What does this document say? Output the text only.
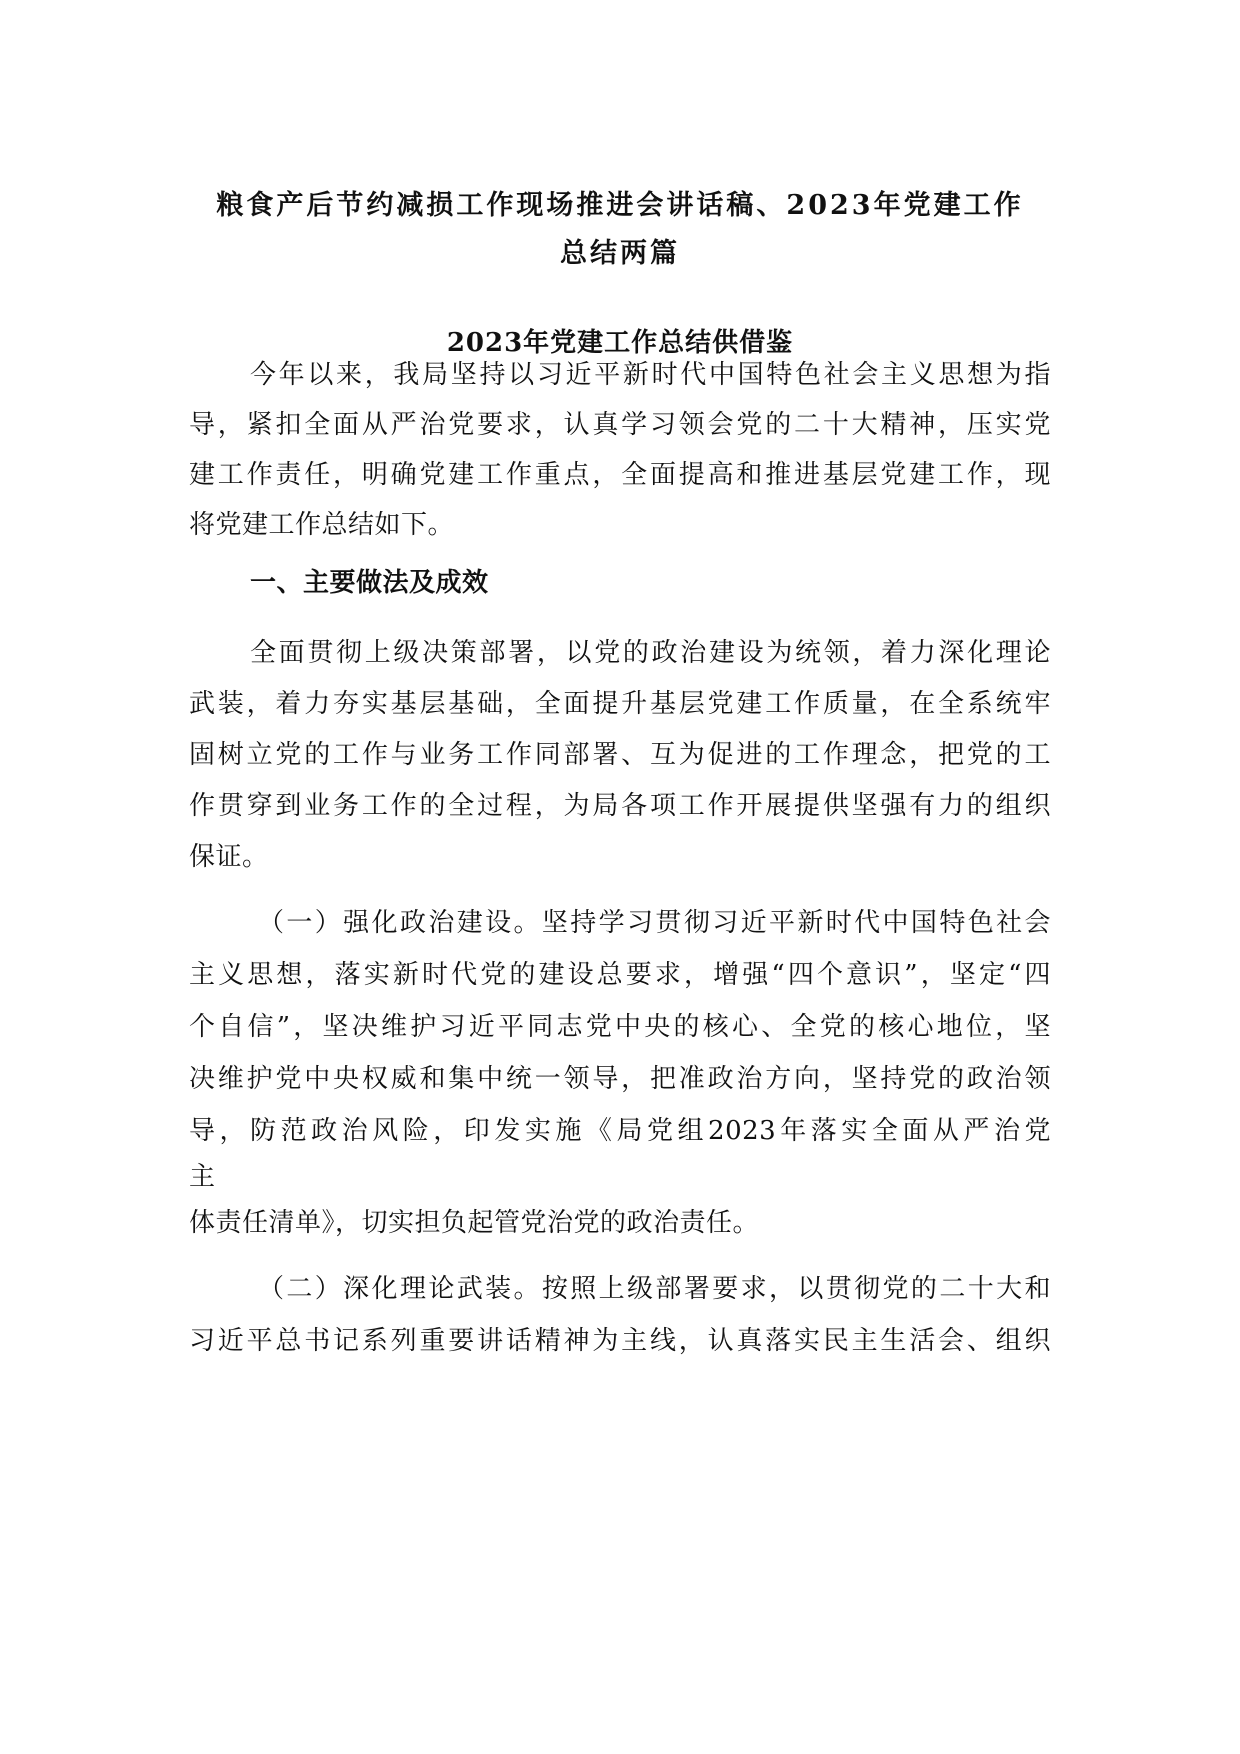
粮食产后节约减损工作现场推进会讲话稿、2023年党建工作
总结两篇
2023年党建工作总结供借鉴
今年以来，我局坚持以习近平新时代中国特色社会主义思想为指
导，紧扣全面从严治党要求，认真学习领会党的二十大精神，压实党
建工作责任，明确党建工作重点，全面提高和推进基层党建工作，现
将党建工作总结如下。
一、主要做法及成效
全面贯彻上级决策部署，以党的政治建设为统领，着力深化理论
武装，着力夯实基层基础，全面提升基层党建工作质量，在全系统牢
固树立党的工作与业务工作同部署、互为促进的工作理念，把党的工
作贯穿到业务工作的全过程，为局各项工作开展提供坚强有力的组织
保证。
（一）强化政治建设。坚持学习贯彻习近平新时代中国特色社会
主义思想，落实新时代党的建设总要求，增强“四个意识”，坚定“四
个自信”，坚决维护习近平同志党中央的核心、全党的核心地位，坚
决维护党中央权威和集中统一领导，把准政治方向，坚持党的政治领
导，防范政治风险，印发实施《局党组2023年落实全面从严治党
主
体责任清单》，切实担负起管党治党的政治责任。
（二）深化理论武装。按照上级部署要求，以贯彻党的二十大和
习近平总书记系列重要讲话精神为主线，认真落实民主生活会、组织
